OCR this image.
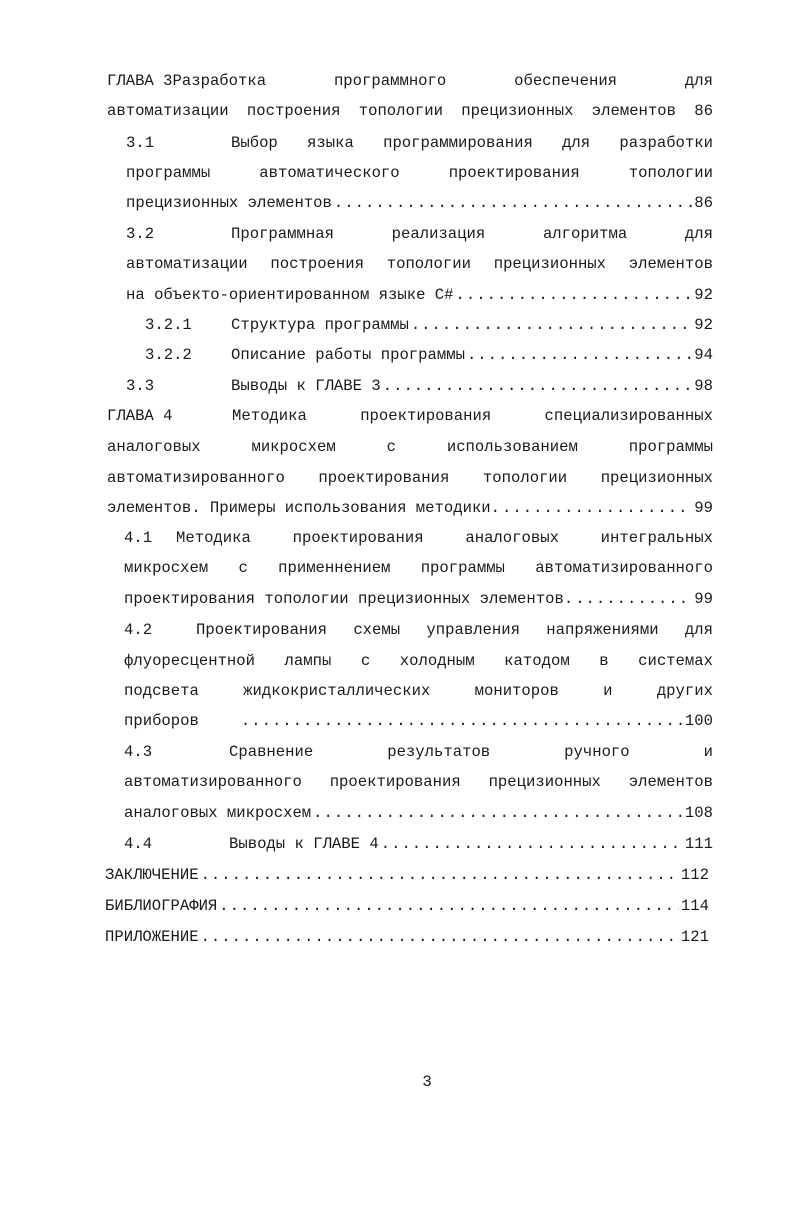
ГЛАВА 3 Разработка	программного	обеспечения	для
автоматизации построения топологии прецизионных элементов 86
3.1	Выбор языка программирования для разработки
программы	автоматического	проектирования	топологии
прецизионных элементов .....	86
3.2	Программная	реализация	алгоритма	для
автоматизации построения топологии прецизионных элементов
на объекто-ориентированном языке С# .....	92
3.2.1	Структура программы .....	92
3.2.2	Описание работы программы .....	94
3.3	Выводы к ГЛАВЕ 3 .....	98
ГЛАВА 4	Методика	проектирования	специализированных
аналоговых	микросхем	с	использованием	программы
автоматизированного проектирования топологии прецизионных
элементов. Примеры использования методики. .....	99
4.1	Методика	проектирования	аналоговых	интегральных
микросхем с применнением программы автоматизированного
проектирования топологии прецизионных элементов. .....	99
4.2	Проектирования схемы управления напряжениями для
флуоресцентной лампы с холодным катодом в системах
подсвета	жидкокристаллических	мониторов	и	других
приборов .....	100
4.3	Сравнение	результатов	ручного	и
автоматизированного проектирования прецизионных элементов
аналоговых микросхем .....	108
4.4	Выводы к ГЛАВЕ 4 .....	111
ЗАКЛЮЧЕНИЕ .....	112
БИБЛИОГРАФИЯ .....	114
ПРИЛОЖЕНИЕ .....	121
3
